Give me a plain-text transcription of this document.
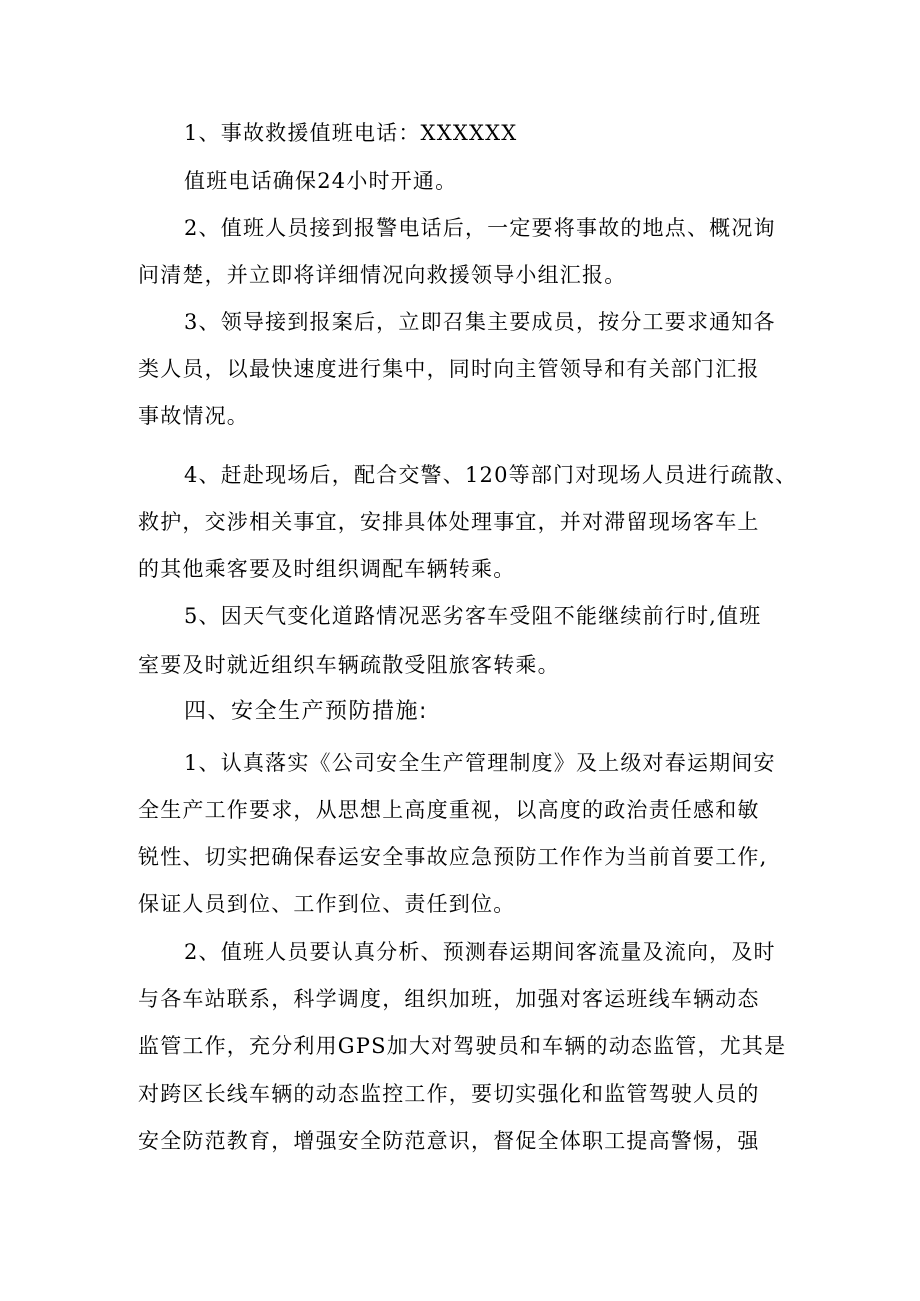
1、事故救援值班电话：XXXXXX
值班电话确保24小时开通。
2、值班人员接到报警电话后，一定要将事故的地点、概况询
问清楚，并立即将详细情况向救援领导小组汇报。
3、领导接到报案后，立即召集主要成员，按分工要求通知各
类人员，以最快速度进行集中，同时向主管领导和有关部门汇报
事故情况。
4、赶赴现场后，配合交警、120等部门对现场人员进行疏散、
救护，交涉相关事宜，安排具体处理事宜，并对滞留现场客车上
的其他乘客要及时组织调配车辆转乘。
5、因天气变化道路情况恶劣客车受阻不能继续前行时,值班
室要及时就近组织车辆疏散受阻旅客转乘。
四、安全生产预防措施:
1、认真落实《公司安全生产管理制度》及上级对春运期间安
全生产工作要求，从思想上高度重视，以高度的政治责任感和敏
锐性、切实把确保春运安全事故应急预防工作作为当前首要工作,
保证人员到位、工作到位、责任到位。
2、值班人员要认真分析、预测春运期间客流量及流向，及时
与各车站联系，科学调度，组织加班，加强对客运班线车辆动态
监管工作，充分利用GPS加大对驾驶员和车辆的动态监管，尤其是
对跨区长线车辆的动态监控工作，要切实强化和监管驾驶人员的
安全防范教育，增强安全防范意识，督促全体职工提高警惕，强
